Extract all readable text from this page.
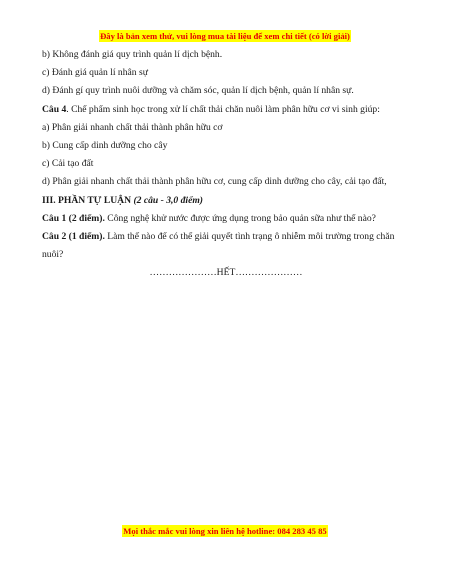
Đây là bản xem thử, vui lòng mua tài liệu để xem chi tiết (có lời giải)
b) Không đánh giá quy trình quản lí dịch bệnh.
c) Đánh giá quản lí nhân sự
d) Đánh gí quy trình nuôi dưỡng và chăm sóc, quản lí dịch bệnh, quản lí nhân sự.
Câu 4. Chế phẩm sinh học trong xử lí chất thải chăn nuôi làm phân hữu cơ vi sinh giúp:
a) Phân giải nhanh chất thải thành phân hữu cơ
b) Cung cấp dinh dưỡng cho cây
c) Cải tạo đất
d) Phân giải nhanh chất thải thành phân hữu cơ, cung cấp dinh dưỡng cho cây, cải tạo đất,
III. PHẦN TỰ LUẬN (2 câu - 3,0 điểm)
Câu 1 (2 điểm). Công nghệ khử nước được ứng dụng trong bảo quản sữa như thế nào?
Câu 2 (1 điểm). Làm thế nào để có thể giải quyết tình trạng ô nhiễm môi trường trong chăn nuôi?
…………………HẾT…………………
Mọi thắc mắc vui lòng xin liên hệ hotline: 084 283 45 85
